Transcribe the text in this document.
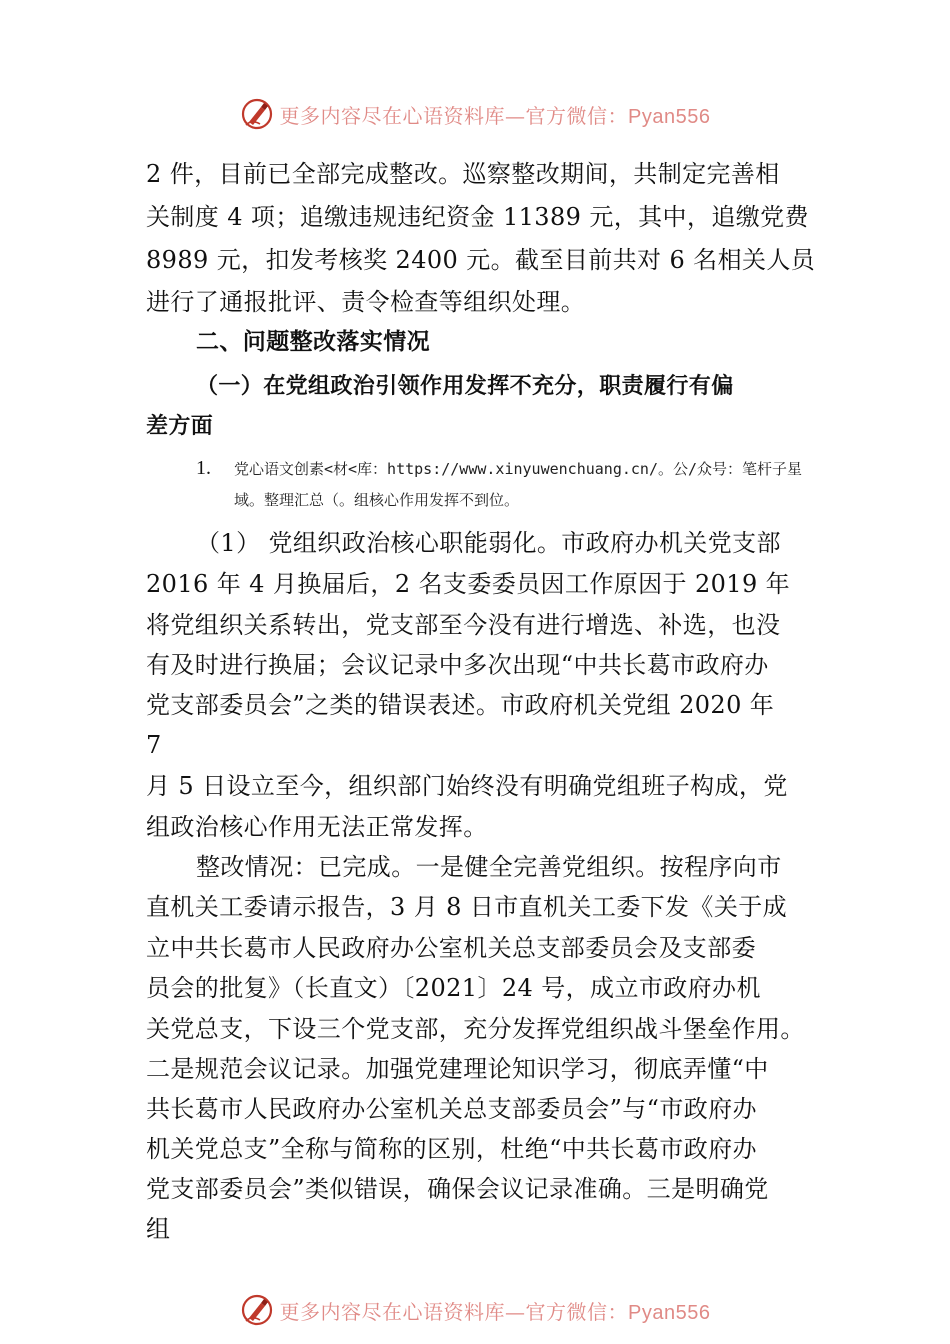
更多内容尽在心语资料库—官方微信：Pyan556
2 件，目前已全部完成整改。巡察整改期间，共制定完善相
关制度 4 项；追缴违规违纪资金 11389 元，其中，追缴党费
8989 元，扣发考核奖 2400 元。截至目前共对 6 名相关人员
进行了通报批评、责令检查等组织处理。
二、问题整改落实情况
（一）在党组政治引领作用发挥不充分，职责履行有偏
差方面
1. 党心语文创素<材<库：https://www.xinyuwenchuang.cn/。公/众号：笔杆子星
域。整理汇总（。组核心作用发挥不到位。
（1） 党组织政治核心职能弱化。市政府办机关党支部
2016 年 4 月换届后，2 名支委委员因工作原因于 2019 年
将党组织关系转出，党支部至今没有进行增选、补选，也没
有及时进行换届；会议记录中多次出现“中共长葛市政府办
党支部委员会”之类的错误表述。市政府机关党组 2020 年
7
月 5 日设立至今，组织部门始终没有明确党组班子构成，党
组政治核心作用无法正常发挥。
整改情况：已完成。一是健全完善党组织。按程序向市
直机关工委请示报告，3 月 8 日市直机关工委下发《关于成
立中共长葛市人民政府办公室机关总支部委员会及支部委
员会的批复》（长直文）〔2021〕24 号，成立市政府办机
关党总支，下设三个党支部，充分发挥党组织战斗堡垒作用。
二是规范会议记录。加强党建理论知识学习，彻底弄懂“中
共长葛市人民政府办公室机关总支部委员会”与“市政府办
机关党总支”全称与简称的区别，杜绝“中共长葛市政府办
党支部委员会”类似错误，确保会议记录准确。三是明确党
组
更多内容尽在心语资料库—官方微信：Pyan556
